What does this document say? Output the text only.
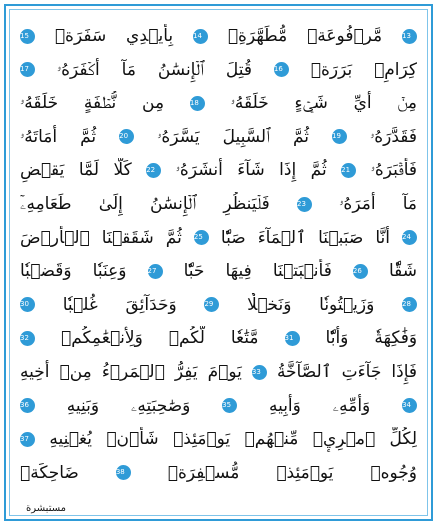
13 مَّرۡفُوعَةٖ مُّطَهَّرَةِۭ 14 بِأَيۡدِي سَفَرَةٖ 15
كِرَامِۭ بَرَرَةٖ 16 قُتِلَ ٱلۡإِنسَٰنُ مَآ أَكۡفَرَهُۥ 17
مِنۡ أَيِّ شَيۡءٍ خَلَقَهُۥ 18 مِن نُّطۡفَةٍ خَلَقَهُۥ
فَقَدَّرَهُۥ 19 ثُمَّ ٱلسَّبِيلَ يَسَّرَهُۥ 20 ثُمَّ أَمَاتَهُۥ
فَأَقۡبَرَهُۥ 21 ثُمَّ إِذَا شَآءَ أَنشَرَهُۥ 22 كَلَّا لَمَّا يَقۡضِ
مَآ أَمَرَهُۥ 23 فَلۡيَنظُرِ ٱلۡإِنسَٰنُ إِلَىٰ طَعَامِهِۦٓ
24 أَنَّا صَبَبۡنَا ٱلۡمَآءَ صَبّٗا 25 ثُمَّ شَقَقۡنَا ٱلۡأَرۡضَ
شَقّٗا 26 فَأَنۢبَتۡنَا فِيهَا حَبّٗا 27 وَعِنَبٗا وَقَضۡبٗا
28 وَزَيۡتُونٗا وَنَخۡلٗا 29 وَحَدَآئِقَ غُلۡبٗا 30
وَفَٰكِهَةٗ وَأَبّٗا 31 مَّتَٰعٗا لَّكُمۡ وَلِأَنۡعَٰمِكُمۡ 32
فَإِذَا جَآءَتِ ٱلصَّآخَّةُ 33 يَوۡمَ يَفِرُّ ٱلۡمَرۡءُ مِنۡ أَخِيهِ
34 وَأُمِّهِۦ وَأَبِيهِ 35 وَصَٰحِبَتِهِۦ وَبَنِيهِ 36
لِكُلِّ ٱمۡرِيٕٖ مِّنۡهُمۡ يَوۡمَئِذٖ شَأۡنٞ يُغۡنِيهِ 37
وُجُوهٞ يَوۡمَئِذٖ مُّسۡفِرَةٞ 38 ضَاحِكَةٞ
مستبشرة
